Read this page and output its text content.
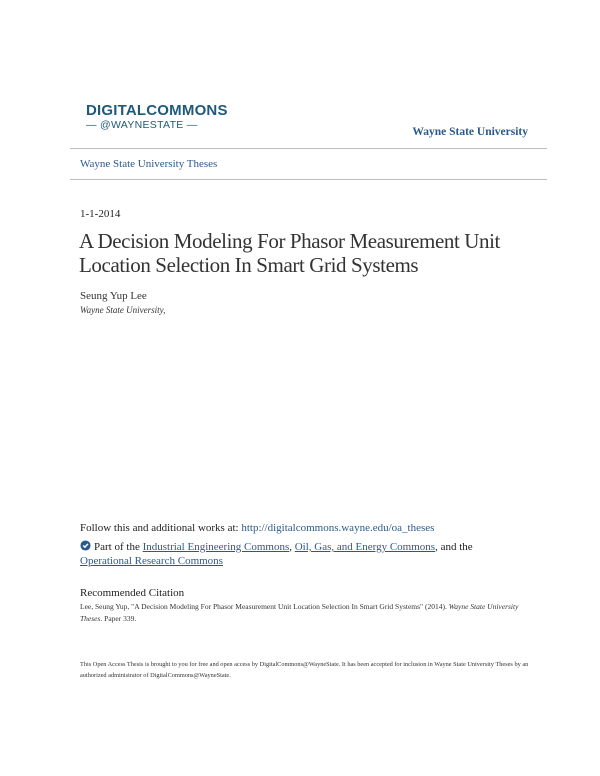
DIGITALCOMMONS
— @WAYNESTATE —
Wayne State University
Wayne State University Theses
1-1-2014
A Decision Modeling For Phasor Measurement Unit Location Selection In Smart Grid Systems
Seung Yup Lee
Wayne State University,
Follow this and additional works at: http://digitalcommons.wayne.edu/oa_theses
Part of the Industrial Engineering Commons, Oil, Gas, and Energy Commons, and the
Operational Research Commons
Recommended Citation
Lee, Seung Yup, "A Decision Modeling For Phasor Measurement Unit Location Selection In Smart Grid Systems" (2014). Wayne State University Theses. Paper 339.
This Open Access Thesis is brought to you for free and open access by DigitalCommons@WayneState. It has been accepted for inclusion in Wayne State University Theses by an authorized administrator of DigitalCommons@WayneState.
